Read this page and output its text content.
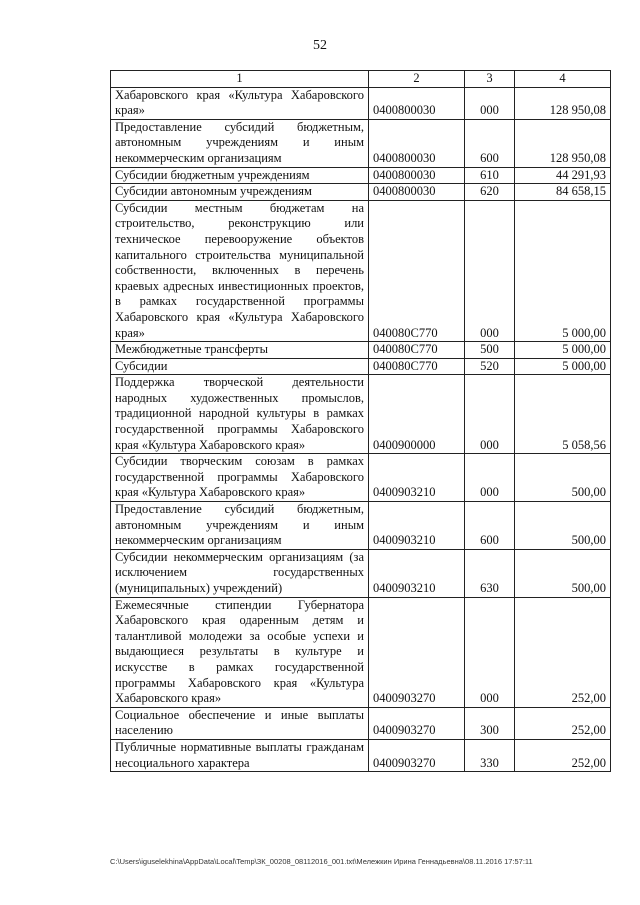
52
1	2	3	4
Хабаровского края «Культура Хабаровского края»	0400800030	000	128 950,08
Предоставление субсидий бюджетным, автономным учреждениям и иным некоммерческим организациям	0400800030	600	128 950,08
Субсидии бюджетным учреждениям	0400800030	610	44 291,93
Субсидии автономным учреждениям	0400800030	620	84 658,15
Субсидии местным бюджетам на строительство, реконструкцию или техническое перевооружение объектов капитального строительства муниципальной собственности, включенных в перечень краевых адресных инвестиционных проектов, в рамках государственной программы Хабаровского края «Культура Хабаровского края»	040080С770	000	5 000,00
Межбюджетные трансферты	040080С770	500	5 000,00
Субсидии	040080С770	520	5 000,00
Поддержка творческой деятельности народных художественных промыслов, традиционной народной культуры в рамках государственной программы Хабаровского края «Культура Хабаровского края»	0400900000	000	5 058,56
Субсидии творческим союзам в рамках государственной программы Хабаровского края «Культура Хабаровского края»	0400903210	000	500,00
Предоставление субсидий бюджетным, автономным учреждениям и иным некоммерческим организациям	0400903210	600	500,00
Субсидии некоммерческим организациям (за исключением государственных (муниципальных) учреждений)	0400903210	630	500,00
Ежемесячные стипендии Губернатора Хабаровского края одаренным детям и талантливой молодежи за особые успехи и выдающиеся результаты в культуре и искусстве в рамках государственной программы Хабаровского края «Культура Хабаровского края»	0400903270	000	252,00
Социальное обеспечение и иные выплаты населению	0400903270	300	252,00
Публичные нормативные выплаты гражданам несоциального характера	0400903270	330	252,00
C:\Users\iguselekhina\AppData\Local\Temp\ЗК_00208_08112016_001.txt\Мележкин Ирина Геннадьевна\08.11.2016 17:57:11
